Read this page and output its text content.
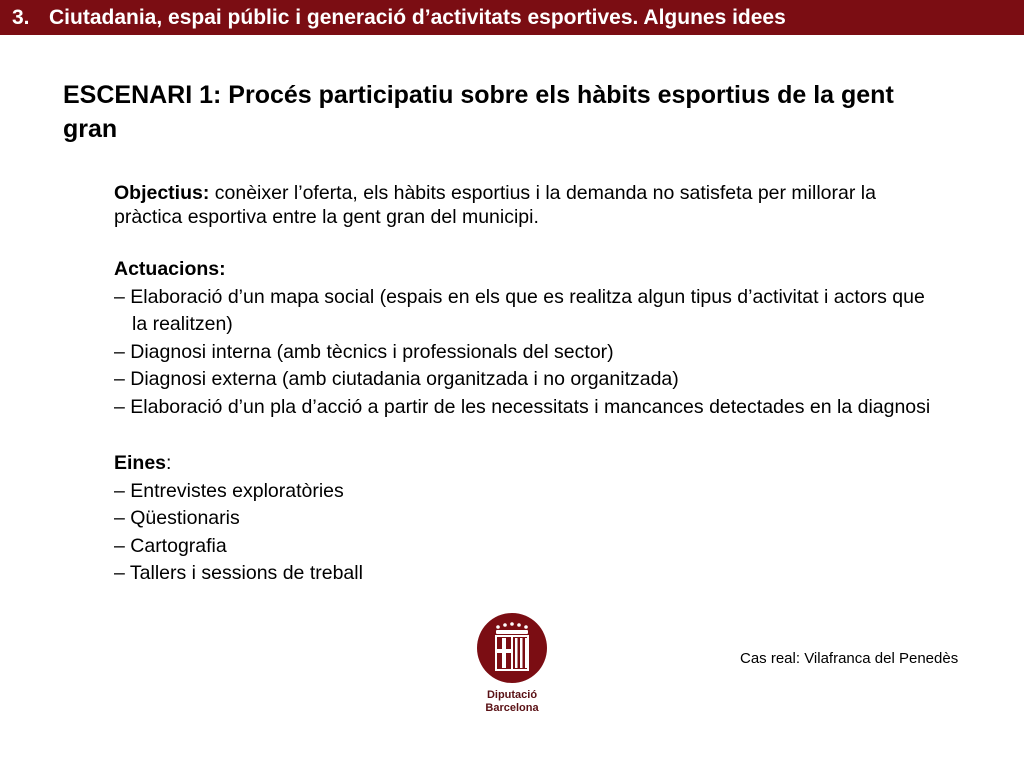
3. Ciutadania, espai públic i generació d’activitats esportives. Algunes idees
ESCENARI 1: Procés participatiu sobre els hàbits esportius de la gent gran

Objectius: conèixer l’oferta, els hàbits esportius i la demanda no satisfeta per millorar la pràctica esportiva entre la gent gran del municipi.

Actuacions:

– Elaboració d’un mapa social (espais en els que es realitza algun tipus d’activitat i actors que la realitzen)
– Diagnosi interna (amb tècnics i professionals del sector)
– Diagnosi externa (amb ciutadania organitzada i no organitzada)
– Elaboració d’un pla d’acció a partir de les necessitats i mancances detectades en la diagnosi

Eines:

– Entrevistes exploratòries
– Qüestionaris
– Cartografia
– Tallers i sessions de treball
Diputació
Barcelona
Cas real: Vilafranca del Penedès
